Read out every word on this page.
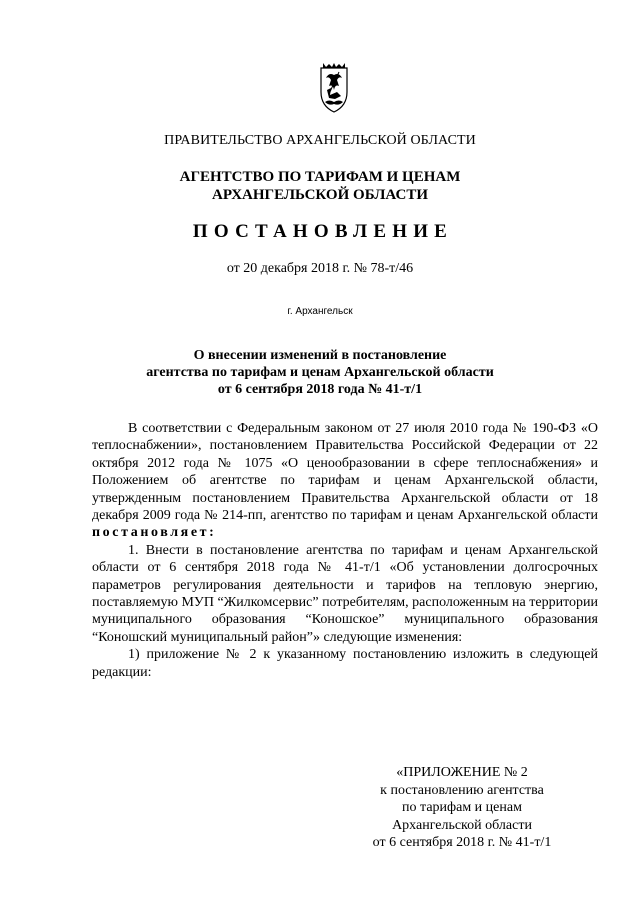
ПРАВИТЕЛЬСТВО АРХАНГЕЛЬСКОЙ ОБЛАСТИ
АГЕНТСТВО ПО ТАРИФАМ И ЦЕНАМ
АРХАНГЕЛЬСКОЙ ОБЛАСТИ
ПОСТАНОВЛЕНИЕ
от 20 декабря 2018 г. № 78-т/46
г. Архангельск
О внесении изменений в постановление
агентства по тарифам и ценам Архангельской области
от 6 сентября 2018 года № 41-т/1

В соответствии с Федеральным законом от 27 июля 2010 года № 190-ФЗ «О теплоснабжении», постановлением Правительства Российской Федерации от 22 октября 2012 года № 1075 «О ценообразовании в сфере теплоснабжения» и Положением об агентстве по тарифам и ценам Архангельской области, утвержденным постановлением Правительства Архангельской области от 18 декабря 2009 года № 214-пп, агентство по тарифам и ценам Архангельской области постановляет:

1. Внести в постановление агентства по тарифам и ценам Архангельской области от 6 сентября 2018 года № 41-т/1 «Об установлении долгосрочных параметров регулирования деятельности и тарифов на тепловую энергию, поставляемую МУП “Жилкомсервис” потребителям, расположенным на территории муниципального образования “Коношское” муниципального образования “Коношский муниципальный район”» следующие изменения:

1) приложение № 2 к указанному постановлению изложить в следующей редакции:

«ПРИЛОЖЕНИЕ № 2
к постановлению агентства
по тарифам и ценам
Архангельской области
от 6 сентября 2018 г. № 41-т/1
